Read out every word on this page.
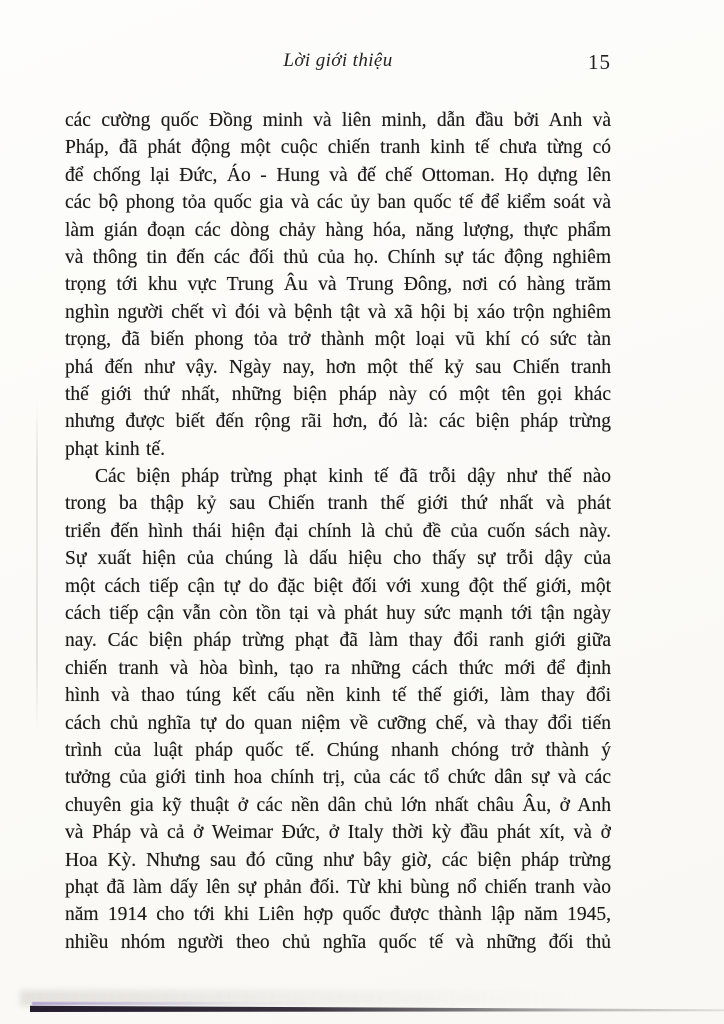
Lời giới thiệu	15
các cường quốc Đồng minh và liên minh, dẫn đầu bởi Anh và
Pháp, đã phát động một cuộc chiến tranh kinh tế chưa từng có
để chống lại Đức, Áo - Hung và đế chế Ottoman. Họ dựng lên
các bộ phong tỏa quốc gia và các ủy ban quốc tế để kiểm soát và
làm gián đoạn các dòng chảy hàng hóa, năng lượng, thực phẩm
và thông tin đến các đối thủ của họ. Chính sự tác động nghiêm
trọng tới khu vực Trung Âu và Trung Đông, nơi có hàng trăm
nghìn người chết vì đói và bệnh tật và xã hội bị xáo trộn nghiêm
trọng, đã biến phong tỏa trở thành một loại vũ khí có sức tàn
phá đến như vậy. Ngày nay, hơn một thế kỷ sau Chiến tranh
thế giới thứ nhất, những biện pháp này có một tên gọi khác
nhưng được biết đến rộng rãi hơn, đó là: các biện pháp trừng
phạt kinh tế.
Các biện pháp trừng phạt kinh tế đã trỗi dậy như thế nào
trong ba thập kỷ sau Chiến tranh thế giới thứ nhất và phát
triển đến hình thái hiện đại chính là chủ đề của cuốn sách này.
Sự xuất hiện của chúng là dấu hiệu cho thấy sự trỗi dậy của
một cách tiếp cận tự do đặc biệt đối với xung đột thế giới, một
cách tiếp cận vẫn còn tồn tại và phát huy sức mạnh tới tận ngày
nay. Các biện pháp trừng phạt đã làm thay đổi ranh giới giữa
chiến tranh và hòa bình, tạo ra những cách thức mới để định
hình và thao túng kết cấu nền kinh tế thế giới, làm thay đổi
cách chủ nghĩa tự do quan niệm về cưỡng chế, và thay đổi tiến
trình của luật pháp quốc tế. Chúng nhanh chóng trở thành ý
tưởng của giới tinh hoa chính trị, của các tổ chức dân sự và các
chuyên gia kỹ thuật ở các nền dân chủ lớn nhất châu Âu, ở Anh
và Pháp và cả ở Weimar Đức, ở Italy thời kỳ đầu phát xít, và ở
Hoa Kỳ. Nhưng sau đó cũng như bây giờ, các biện pháp trừng
phạt đã làm dấy lên sự phản đối. Từ khi bùng nổ chiến tranh vào
năm 1914 cho tới khi Liên hợp quốc được thành lập năm 1945,
nhiều nhóm người theo chủ nghĩa quốc tế và những đối thủ
